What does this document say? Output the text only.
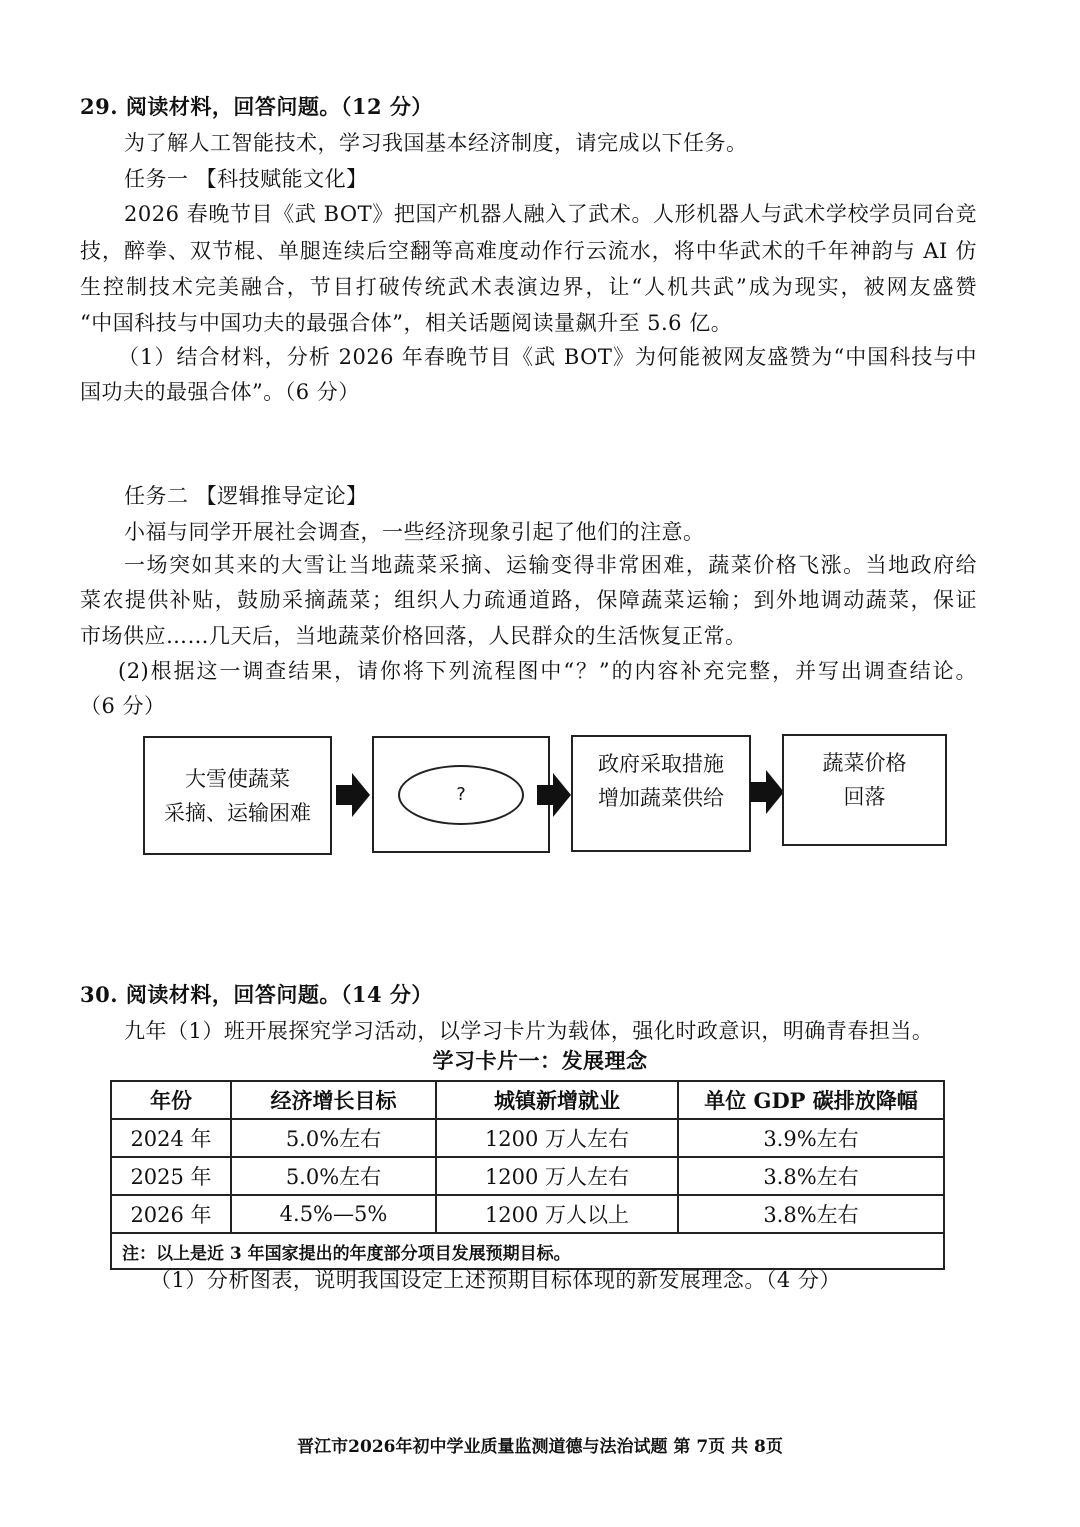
29. 阅读材料，回答问题。（12 分）
为了解人工智能技术，学习我国基本经济制度，请完成以下任务。
任务一 【科技赋能文化】
2026 春晚节目《武 BOT》把国产机器人融入了武术。人形机器人与武术学校学员同台竞
技，醉拳、双节棍、单腿连续后空翻等高难度动作行云流水，将中华武术的千年神韵与 AI 仿
生控制技术完美融合，节目打破传统武术表演边界，让“人机共武”成为现实，被网友盛赞
“中国科技与中国功夫的最强合体”，相关话题阅读量飙升至 5.6 亿。
（1）结合材料，分析 2026 年春晚节目《武 BOT》为何能被网友盛赞为“中国科技与中
国功夫的最强合体”。（6 分）
任务二 【逻辑推导定论】
小福与同学开展社会调查，一些经济现象引起了他们的注意。
一场突如其来的大雪让当地蔬菜采摘、运输变得非常困难，蔬菜价格飞涨。当地政府给
菜农提供补贴，鼓励采摘蔬菜；组织人力疏通道路，保障蔬菜运输；到外地调动蔬菜，保证
市场供应……几天后，当地蔬菜价格回落，人民群众的生活恢复正常。
(2)根据这一调查结果，请你将下列流程图中“？”的内容补充完整，并写出调查结论。
（6 分）
大雪使蔬菜
采摘、运输困难
?
政府采取措施
增加蔬菜供给
蔬菜价格
回落
30. 阅读材料，回答问题。（14 分）
九年（1）班开展探究学习活动，以学习卡片为载体，强化时政意识，明确青春担当。
学习卡片一：发展理念
年份	经济增长目标	城镇新增就业	单位 GDP 碳排放降幅
2024 年	5.0%左右	1200 万人左右	3.9%左右
2025 年	5.0%左右	1200 万人左右	3.8%左右
2026 年	4.5%—5%	1200 万人以上	3.8%左右
注：以上是近 3 年国家提出的年度部分项目发展预期目标。			
（1）分析图表，说明我国设定上述预期目标体现的新发展理念。（4 分）
晋江市2026年初中学业质量监测道德与法治试题 第 7页 共 8页
